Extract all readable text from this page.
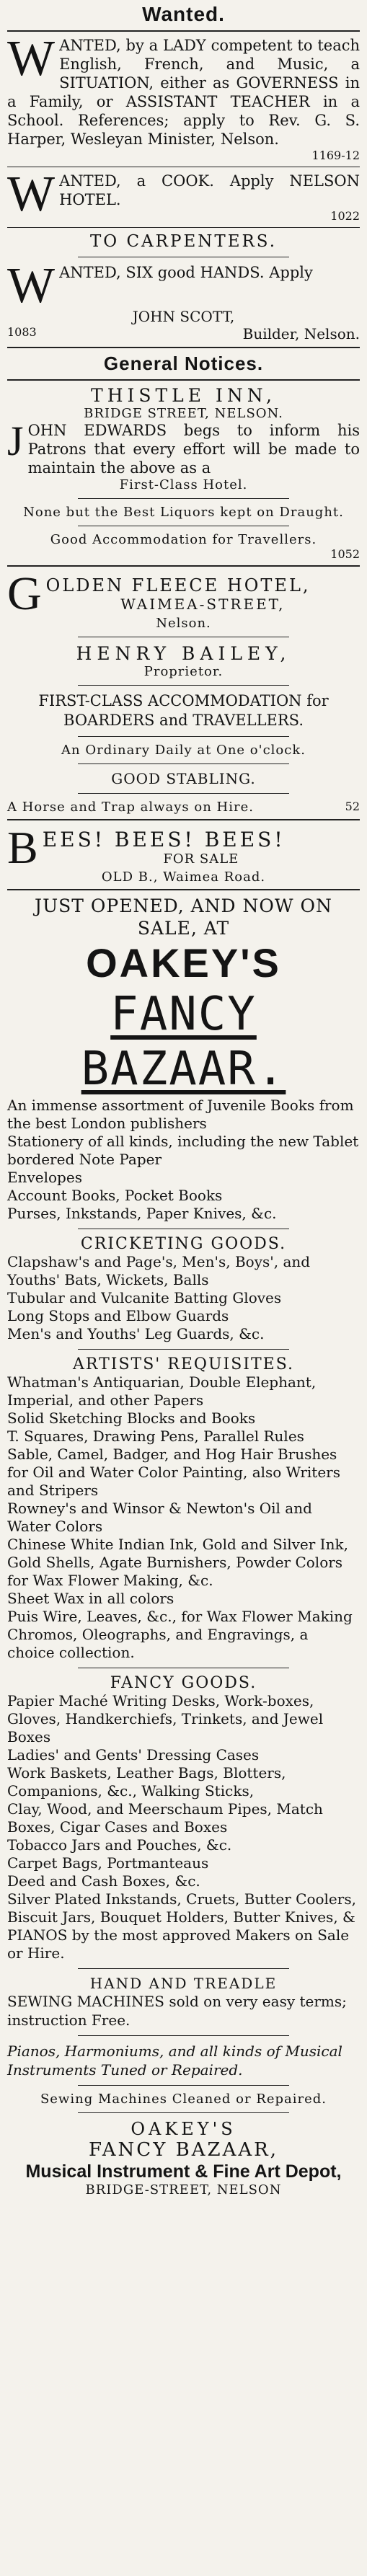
Wanted.
W ANTED, by a LADY competent to teach English, French, and Music, a SITUATION, either as GOVERNESS in a Family, or ASSISTANT TEACHER in a School. References; apply to Rev. G. S. Harper, Wesleyan Minister, Nelson.

1169-12

W ANTED, a COOK. Apply NELSON HOTEL.

1022

TO CARPENTERS.

W ANTED, SIX good HANDS. Apply

JOHN SCOTT,

1083	Builder, Nelson.

General Notices.

THISTLE INN,

BRIDGE STREET, NELSON.

J OHN EDWARDS begs to inform his Patrons that every effort will be made to maintain the above as a

First-Class Hotel.

None but the Best Liquors kept on Draught.

Good Accommodation for Travellers.

1052

G OLDEN FLEECE HOTEL,

WAIMEA-STREET,

Nelson.

HENRY BAILEY,

Proprietor.

FIRST-CLASS ACCOMMODATION for BOARDERS and TRAVELLERS.

An Ordinary Daily at One o'clock.

GOOD STABLING.

A Horse and Trap always on Hire.	52

B EES! BEES! BEES!

FOR SALE

OLD B., Waimea Road.

JUST OPENED, AND NOW ON SALE, AT

OAKEY'S

FANCY BAZAAR.

An immense assortment of Juvenile Books from the best London publishers

Stationery of all kinds, including the new Tablet bordered Note Paper

Envelopes

Account Books, Pocket Books

Purses, Inkstands, Paper Knives, &c.

CRICKETING GOODS.

Clapshaw's and Page's, Men's, Boys', and Youths' Bats, Wickets, Balls

Tubular and Vulcanite Batting Gloves

Long Stops and Elbow Guards

Men's and Youths' Leg Guards, &c.

ARTISTS' REQUISITES.

Whatman's Antiquarian, Double Elephant, Imperial, and other Papers

Solid Sketching Blocks and Books

T. Squares, Drawing Pens, Parallel Rules

Sable, Camel, Badger, and Hog Hair Brushes for Oil and Water Color Painting, also Writers and Stripers

Rowney's and Winsor & Newton's Oil and Water Colors

Chinese White Indian Ink, Gold and Silver Ink, Gold Shells, Agate Burnishers, Powder Colors for Wax Flower Making, &c.

Sheet Wax in all colors

Puis Wire, Leaves, &c., for Wax Flower Making

Chromos, Oleographs, and Engravings, a choice collection.

FANCY GOODS.

Papier Maché Writing Desks, Work-boxes, Gloves, Handkerchiefs, Trinkets, and Jewel Boxes

Ladies' and Gents' Dressing Cases

Work Baskets, Leather Bags, Blotters, Companions, &c., Walking Sticks,

Clay, Wood, and Meerschaum Pipes, Match Boxes, Cigar Cases and Boxes

Tobacco Jars and Pouches, &c.

Carpet Bags, Portmanteaus

Deed and Cash Boxes, &c.

Silver Plated Inkstands, Cruets, Butter Coolers, Biscuit Jars, Bouquet Holders, Butter Knives, &

PIANOS by the most approved Makers on Sale or Hire.

HAND AND TREADLE

SEWING MACHINES sold on very easy terms; instruction Free.

Pianos, Harmoniums, and all kinds of Musical Instruments Tuned or Repaired.

Sewing Machines Cleaned or Repaired.

OAKEY'S

FANCY BAZAAR,

Musical Instrument & Fine Art Depot,

BRIDGE-STREET, NELSON
